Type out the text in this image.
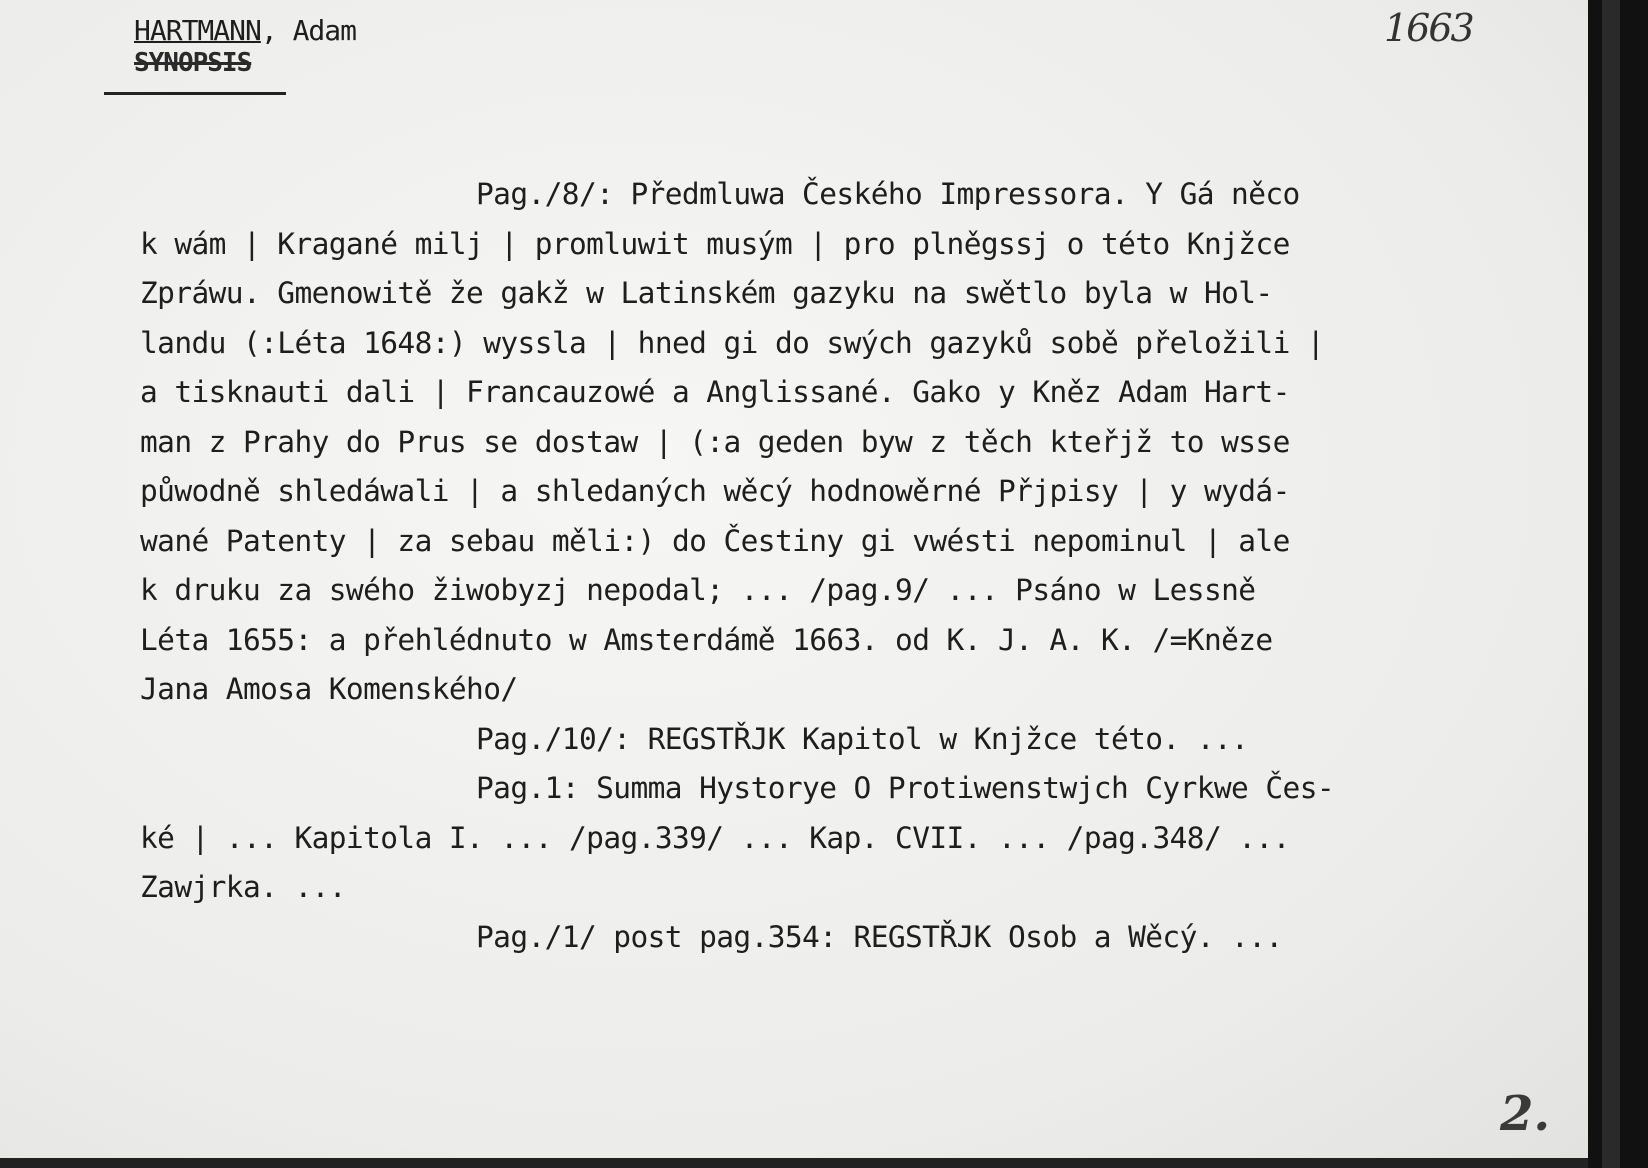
HARTMANN, Adam
SYNOPSIS
1663
Pag./8/: Předmluwa Českého Impressora. Y Gá něco
k wám | Kragané milj | promluwit musým | pro plněgssj o této Knjžce
Zpráwu. Gmenowitě že gakž w Latinském gazyku na swětlo byla w Hol-
landu (:Léta 1648:) wyssla | hned gi do swých gazyků sobě přeložili |
a tisknauti dali | Francauzowé a Anglissané. Gako y Kněz Adam Hart-
man z Prahy do Prus se dostaw | (:a geden byw z těch kteřjž to wsse
půwodně shledáwali | a shledaných wěcý hodnowěrné Přjpisy | y wydá-
wané Patenty | za sebau měli:) do Čestiny gi vwésti nepominul | ale
k druku za swého žiwobyzj nepodal; ... /pag.9/ ... Psáno w Lessně
Léta 1655: a přehlédnuto w Amsterdámě 1663. od K. J. A. K. /=Kněze
Jana Amosa Komenského/
Pag./10/: REGSTŘJK Kapitol w Knjžce této. ...
Pag.1: Summa Hystorye O Protiwenstwjch Cyrkwe Čes-
ké | ... Kapitola I. ... /pag.339/ ... Kap. CVII. ... /pag.348/ ...
Zawjrka. ...
Pag./1/ post pag.354: REGSTŘJK Osob a Wěcý. ...
2.
